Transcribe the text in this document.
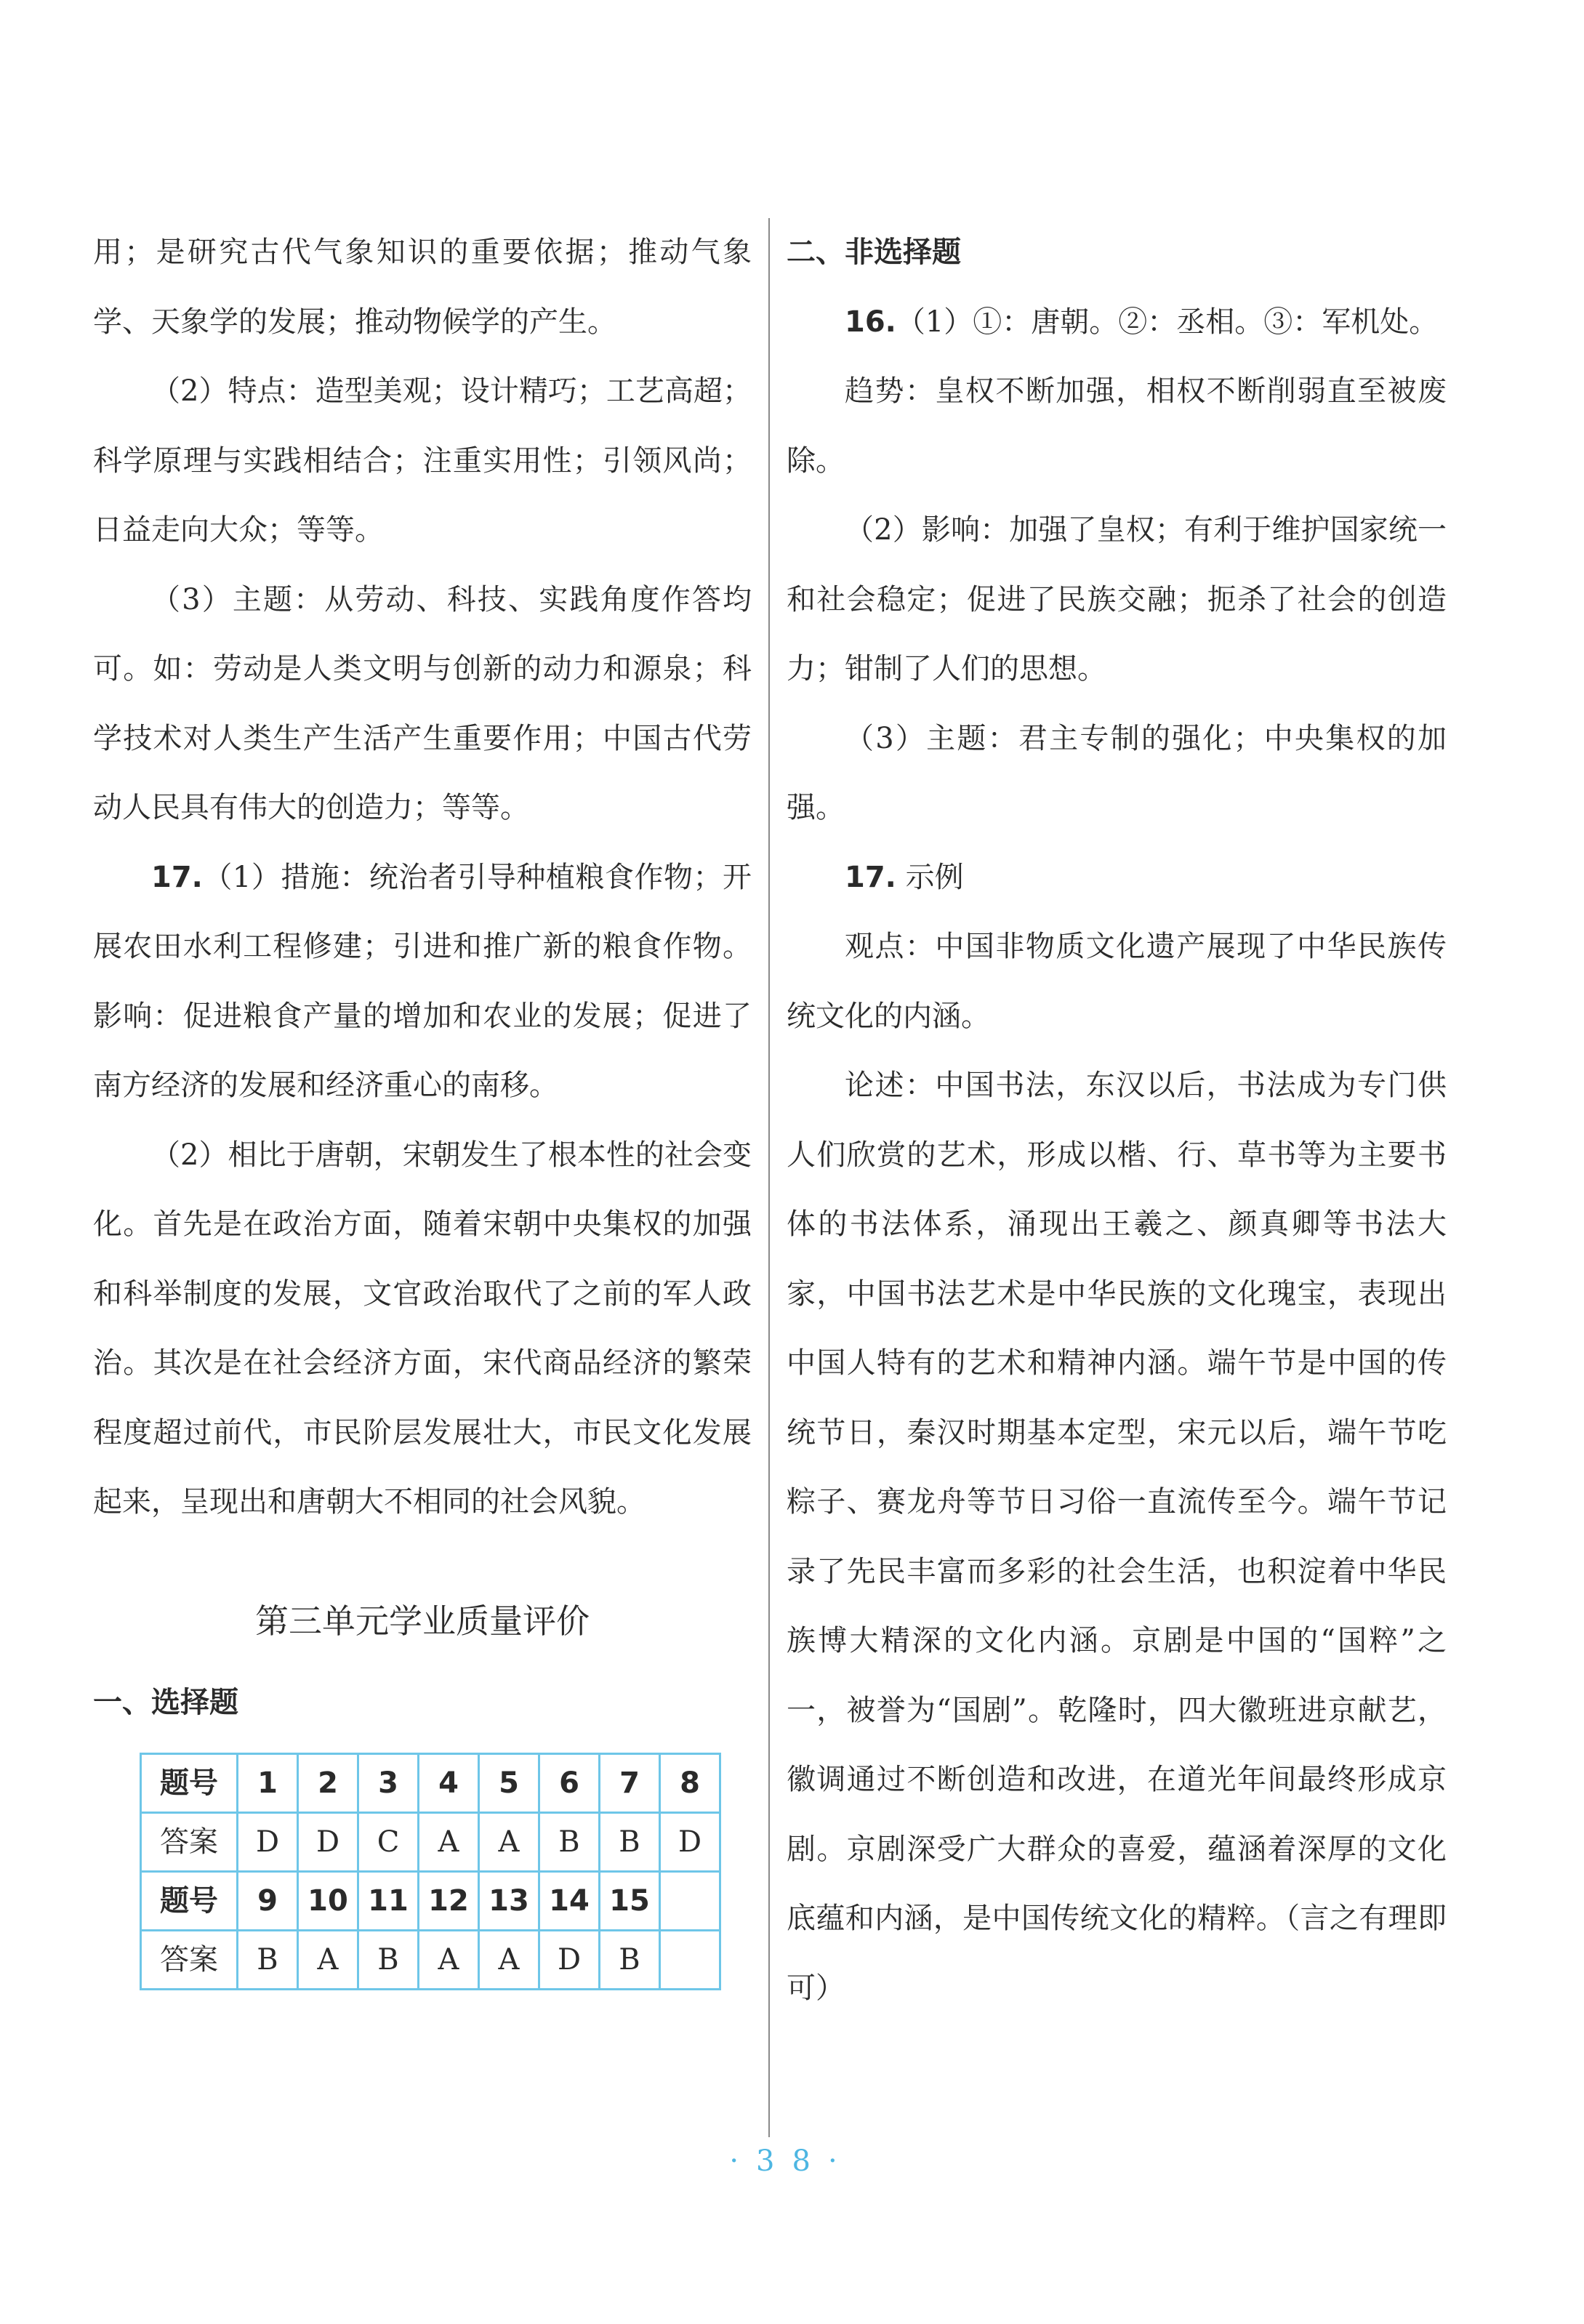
用；是研究古代气象知识的重要依据；推动气象学、天象学的发展；推动物候学的产生。

（2）特点：造型美观；设计精巧；工艺高超；科学原理与实践相结合；注重实用性；引领风尚；日益走向大众；等等。

（3）主题：从劳动、科技、实践角度作答均可。如：劳动是人类文明与创新的动力和源泉；科学技术对人类生产生活产生重要作用；中国古代劳动人民具有伟大的创造力；等等。

17.（1）措施：统治者引导种植粮食作物；开展农田水利工程修建；引进和推广新的粮食作物。影响：促进粮食产量的增加和农业的发展；促进了南方经济的发展和经济重心的南移。

（2）相比于唐朝，宋朝发生了根本性的社会变化。首先是在政治方面，随着宋朝中央集权的加强和科举制度的发展，文官政治取代了之前的军人政治。其次是在社会经济方面，宋代商品经济的繁荣程度超过前代，市民阶层发展壮大，市民文化发展起来，呈现出和唐朝大不相同的社会风貌。

第三单元学业质量评价
一、选择题
题号	1	2	3	4	5	6	7	8
答案	D	D	C	A	A	B	B	D
题号	9	10	11	12	13	14	15	
答案	B	A	B	A	A	D	B	

二、非选择题

16.（1）①：唐朝。②：丞相。③：军机处。

趋势：皇权不断加强，相权不断削弱直至被废除。

（2）影响：加强了皇权；有利于维护国家统一和社会稳定；促进了民族交融；扼杀了社会的创造力；钳制了人们的思想。

（3）主题：君主专制的强化；中央集权的加强。

17. 示例

观点：中国非物质文化遗产展现了中华民族传统文化的内涵。

论述：中国书法，东汉以后，书法成为专门供人们欣赏的艺术，形成以楷、行、草书等为主要书体的书法体系，涌现出王羲之、颜真卿等书法大家，中国书法艺术是中华民族的文化瑰宝，表现出中国人特有的艺术和精神内涵。端午节是中国的传统节日，秦汉时期基本定型，宋元以后，端午节吃粽子、赛龙舟等节日习俗一直流传至今。端午节记录了先民丰富而多彩的社会生活，也积淀着中华民族博大精深的文化内涵。京剧是中国的“国粹”之一，被誉为“国剧”。乾隆时，四大徽班进京献艺，徽调通过不断创造和改进，在道光年间最终形成京剧。京剧深受广大群众的喜爱，蕴涵着深厚的文化底蕴和内涵，是中国传统文化的精粹。（言之有理即可）

·38·
